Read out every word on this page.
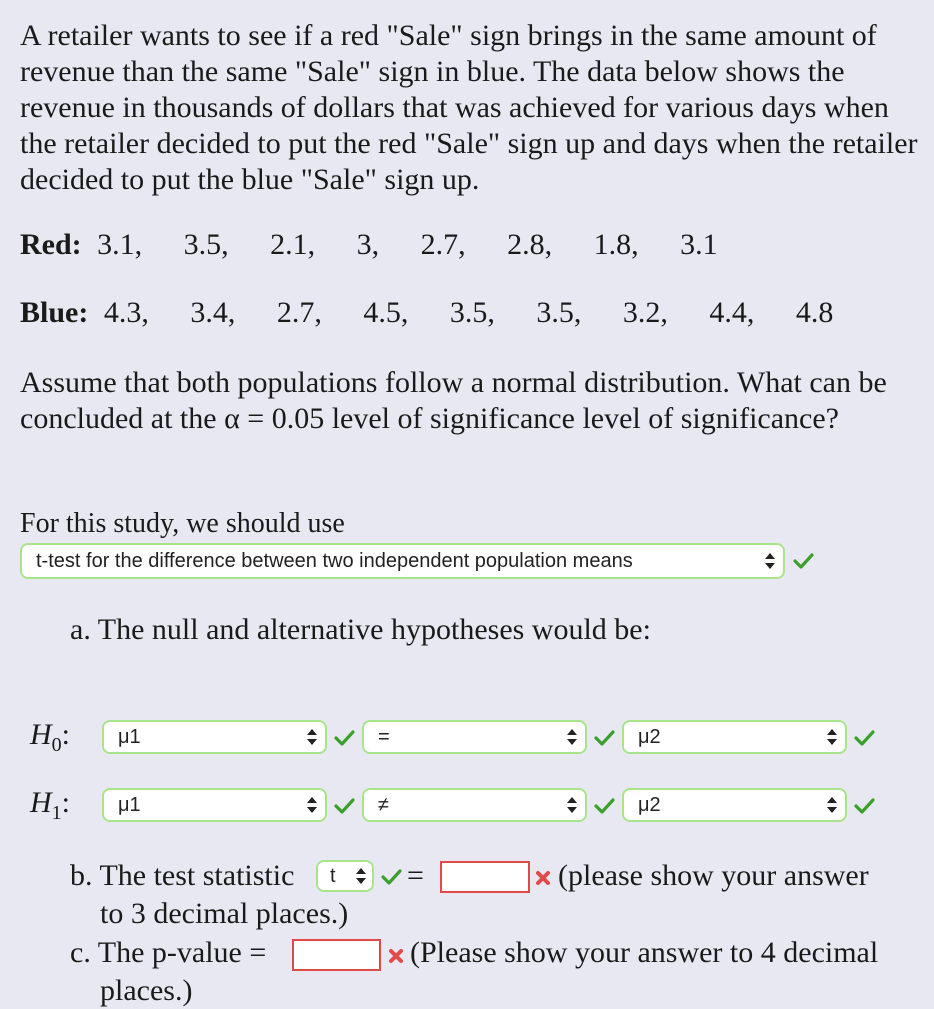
A retailer wants to see if a red "Sale" sign brings in the same amount of revenue than the same "Sale" sign in blue. The data below shows the revenue in thousands of dollars that was achieved for various days when the retailer decided to put the red "Sale" sign up and days when the retailer decided to put the blue "Sale" sign up.
Red: 3.1, 3.5, 2.1, 3, 2.7, 2.8, 1.8, 3.1
Blue: 4.3, 3.4, 2.7, 4.5, 3.5, 3.5, 3.2, 4.4, 4.8
Assume that both populations follow a normal distribution. What can be concluded at the α = 0.05 level of significance level of significance?
For this study, we should use
t-test for the difference between two independent population means
a. The null and alternative hypotheses would be:
$H_0$: μ1	=	μ2
$H_1$: μ1	≠	μ2
b. The test statistic t	=	(please show your answer
to 3 decimal places.)
c. The p-value =	(Please show your answer to 4 decimal
places.)
